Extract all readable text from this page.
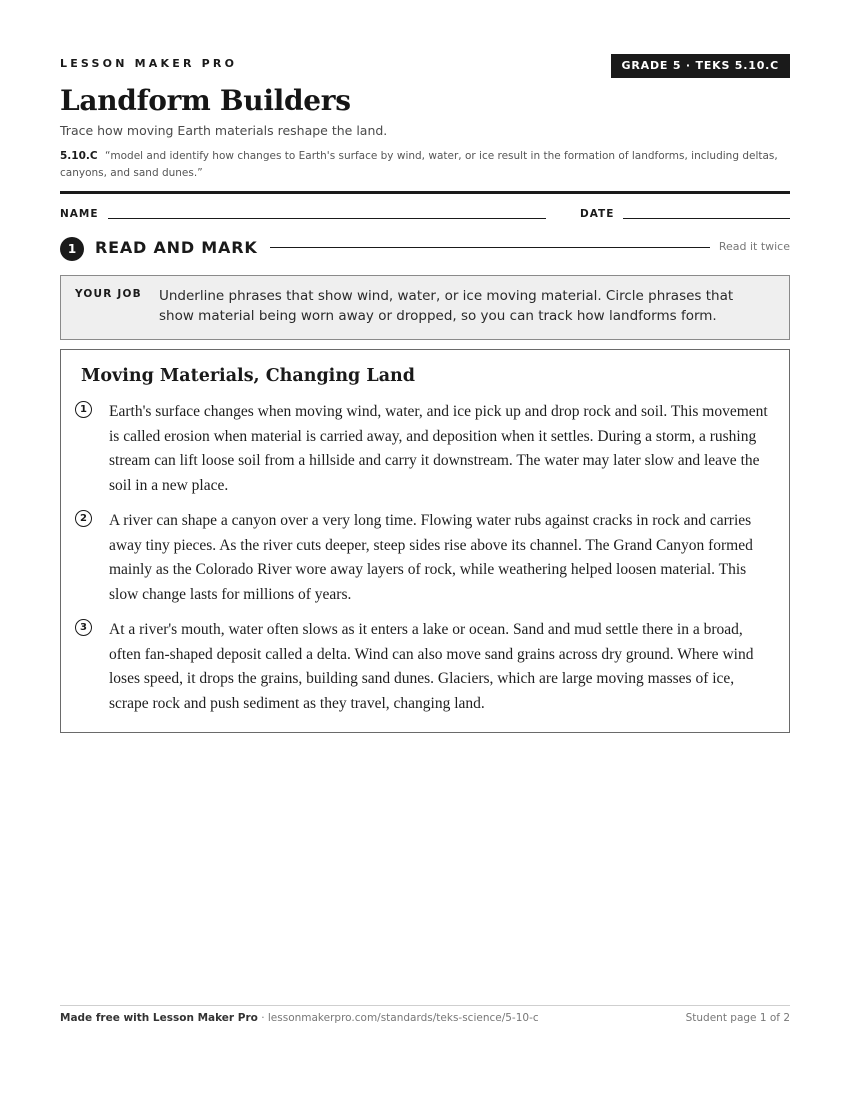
LESSON MAKER PRO	GRADE 5 · TEKS 5.10.C
Landform Builders
Trace how moving Earth materials reshape the land.
5.10.C “model and identify how changes to Earth's surface by wind, water, or ice result in the formation of landforms, including deltas, canyons, and sand dunes.”
NAME	DATE
1	READ AND MARK	Read it twice
YOUR JOB Underline phrases that show wind, water, or ice moving material. Circle phrases that show material being worn away or dropped, so you can track how landforms form.
Moving Materials, Changing Land
1	Earth's surface changes when moving wind, water, and ice pick up and drop rock and soil. This movement is called erosion when material is carried away, and deposition when it settles. During a storm, a rushing stream can lift loose soil from a hillside and carry it downstream. The water may later slow and leave the soil in a new place.
2	A river can shape a canyon over a very long time. Flowing water rubs against cracks in rock and carries away tiny pieces. As the river cuts deeper, steep sides rise above its channel. The Grand Canyon formed mainly as the Colorado River wore away layers of rock, while weathering helped loosen material. This slow change lasts for millions of years.
3	At a river's mouth, water often slows as it enters a lake or ocean. Sand and mud settle there in a broad, often fan-shaped deposit called a delta. Wind can also move sand grains across dry ground. Where wind loses speed, it drops the grains, building sand dunes. Glaciers, which are large moving masses of ice, scrape rock and push sediment as they travel, changing land.
Made free with Lesson Maker Pro · lessonmakerpro.com/standards/teks-science/5-10-c	Student page 1 of 2
